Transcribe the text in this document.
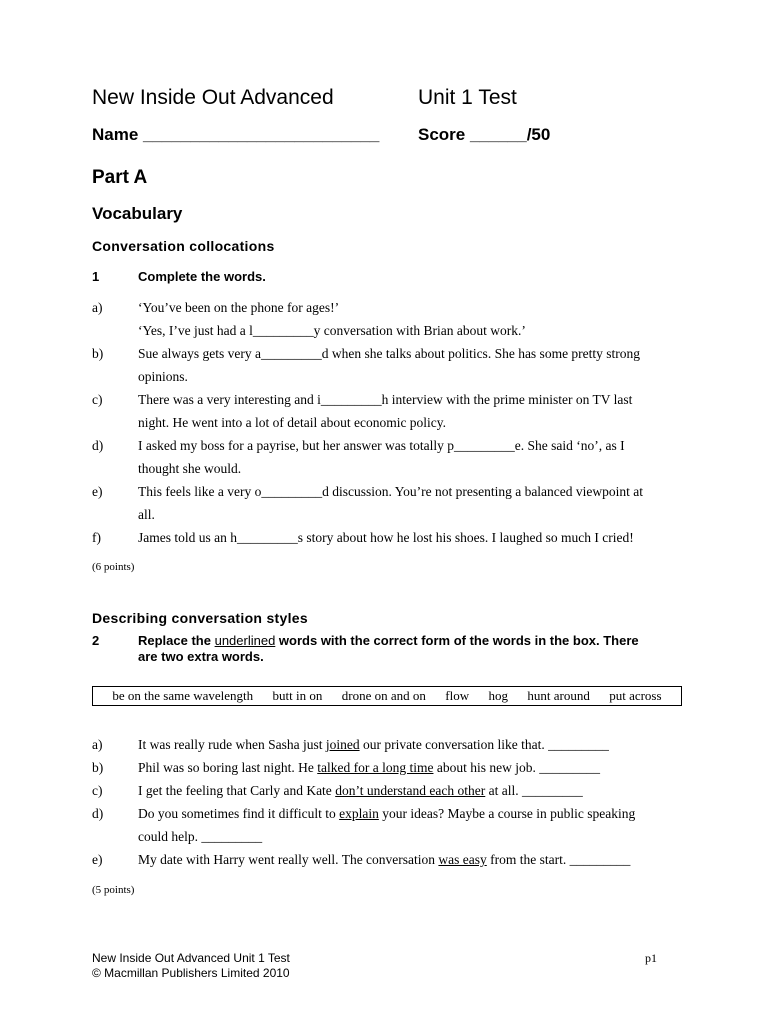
New Inside Out Advanced	Unit 1 Test
Name _________________________ Score ______/50
Part A
Vocabulary
Conversation collocations
1	Complete the words.
a)	‘You’ve been on the phone for ages!’
‘Yes, I’ve just had a l_________y conversation with Brian about work.’
b)	Sue always gets very a_________d when she talks about politics. She has some pretty strong
opinions.
c)	There was a very interesting and i_________h interview with the prime minister on TV last
night. He went into a lot of detail about economic policy.
d)	I asked my boss for a payrise, but her answer was totally p_________e. She said ‘no’, as I
thought she would.
e)	This feels like a very o_________d discussion. You’re not presenting a balanced viewpoint at
all.
f)	James told us an h_________s story about how he lost his shoes. I laughed so much I cried!
(6 points)
Describing conversation styles
2	Replace the underlined words with the correct form of the words in the box. There are two extra words.
be on the same wavelength butt in on drone on and on flow hog hunt around put across
a)	It was really rude when Sasha just joined our private conversation like that. _________
b)	Phil was so boring last night. He talked for a long time about his new job. _________
c)	I get the feeling that Carly and Kate don’t understand each other at all. _________
d)	Do you sometimes find it difficult to explain your ideas? Maybe a course in public speaking
could help. _________
e)	My date with Harry went really well. The conversation was easy from the start. _________
(5 points)
New Inside Out Advanced Unit 1 Test
© Macmillan Publishers Limited 2010
p1
